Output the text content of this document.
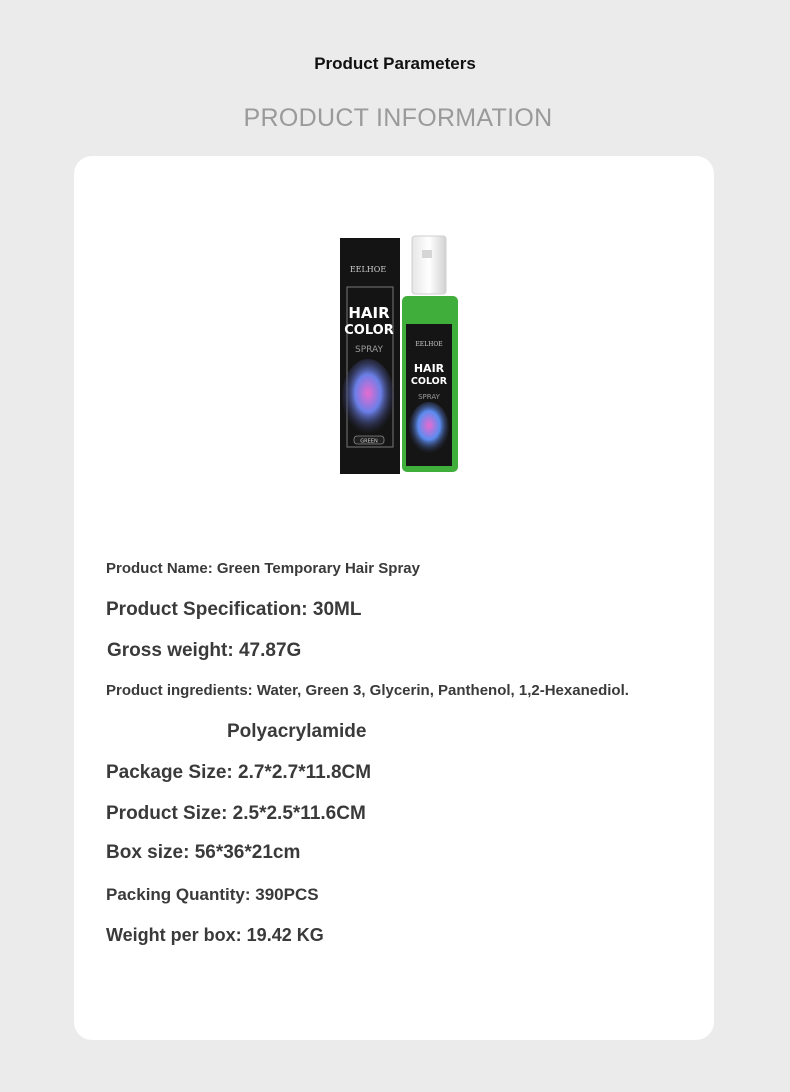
Product Parameters
PRODUCT INFORMATION
EELHOE
HAIR
COLOR
SPRAY
GREEN
EELHOE
HAIR
COLOR
SPRAY
Product Name: Green Temporary Hair Spray
Product Specification: 30ML
Gross weight: 47.87G
Product ingredients: Water, Green 3, Glycerin, Panthenol, 1,2-Hexanediol.
Polyacrylamide
Package Size: 2.7*2.7*11.8CM
Product Size: 2.5*2.5*11.6CM
Box size: 56*36*21cm
Packing Quantity: 390PCS
Weight per box: 19.42 KG
